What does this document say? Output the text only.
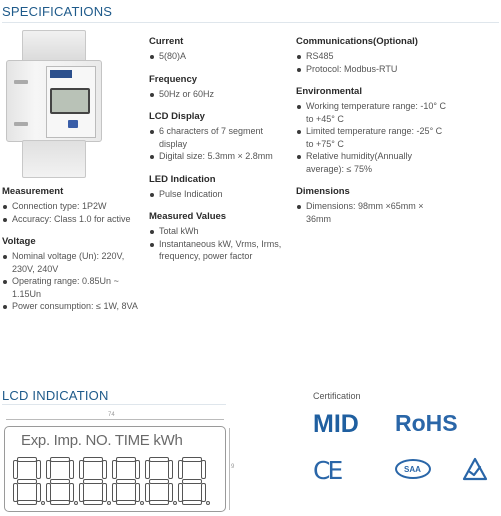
SPECIFICATIONS
Measurement
Connection type: 1P2W
Accuracy: Class 1.0 for active
Voltage
Nominal voltage (Un): 220V, 230V, 240V
Operating range: 0.85Un ~ 1.15Un
Power consumption: ≤ 1W, 8VA
Current
5(80)A
Frequency
50Hz or 60Hz
LCD Display
6 characters of 7 segment display
Digital size: 5.3mm × 2.8mm
LED Indication
Pulse Indication
Measured Values
Total kWh
Instantaneous kW, Vrms, Irms, frequency, power factor
Communications(Optional)
RS485
Protocol: Modbus-RTU
Environmental
Working temperature range: -10° C to +45° C
Limited temperature range: -25° C to +75° C
Relative humidity(Annually average): ≤ 75%
Dimensions
Dimensions: 98mm ×65mm × 36mm
LCD INDICATION
74
9
Exp. Imp. NO. TIME kWh
Certification
MID RoHS
CE	SAA
